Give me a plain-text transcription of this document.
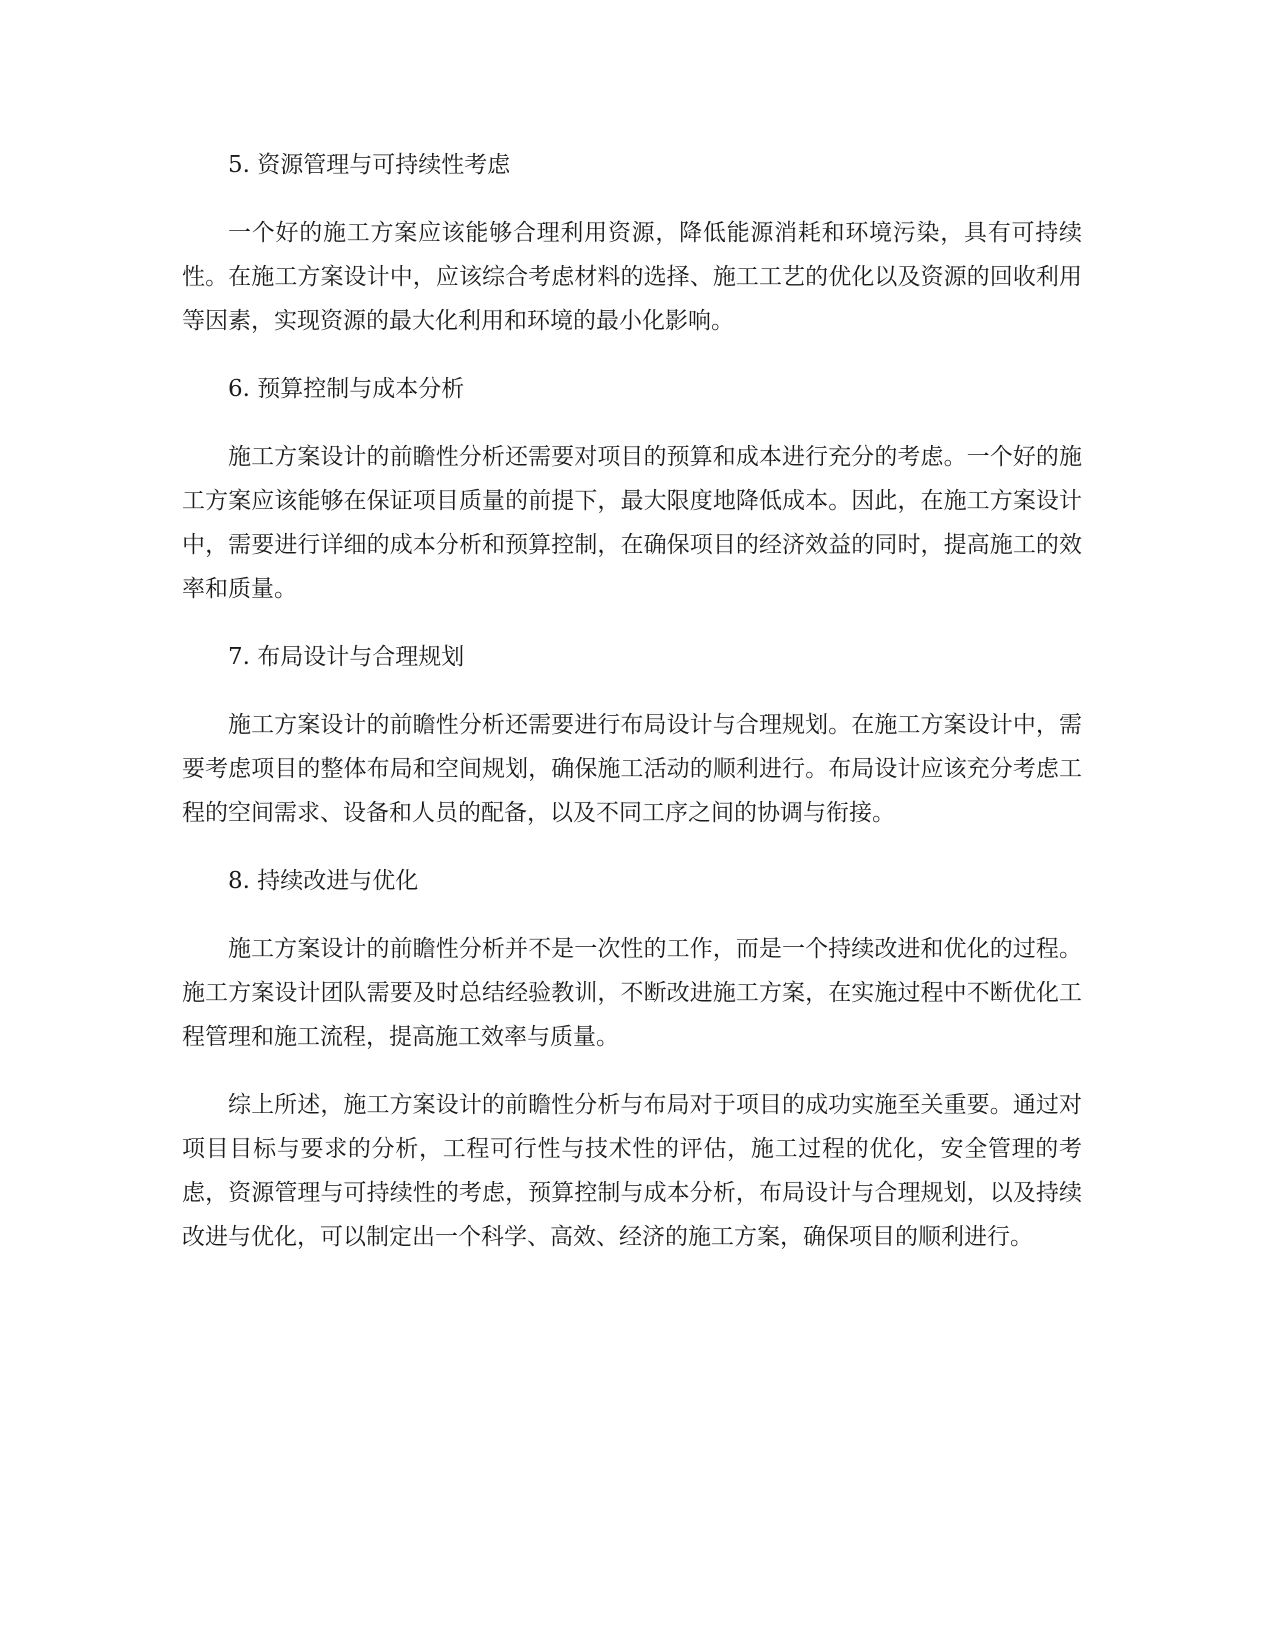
5. 资源管理与可持续性考虑

一个好的施工方案应该能够合理利用资源，降低能源消耗和环境污染，具有可持续性。在施工方案设计中，应该综合考虑材料的选择、施工工艺的优化以及资源的回收利用等因素，实现资源的最大化利用和环境的最小化影响。

6. 预算控制与成本分析

施工方案设计的前瞻性分析还需要对项目的预算和成本进行充分的考虑。一个好的施工方案应该能够在保证项目质量的前提下，最大限度地降低成本。因此，在施工方案设计中，需要进行详细的成本分析和预算控制，在确保项目的经济效益的同时，提高施工的效率和质量。

7. 布局设计与合理规划

施工方案设计的前瞻性分析还需要进行布局设计与合理规划。在施工方案设计中，需要考虑项目的整体布局和空间规划，确保施工活动的顺利进行。布局设计应该充分考虑工程的空间需求、设备和人员的配备，以及不同工序之间的协调与衔接。

8. 持续改进与优化

施工方案设计的前瞻性分析并不是一次性的工作，而是一个持续改进和优化的过程。施工方案设计团队需要及时总结经验教训，不断改进施工方案，在实施过程中不断优化工程管理和施工流程，提高施工效率与质量。

综上所述，施工方案设计的前瞻性分析与布局对于项目的成功实施至关重要。通过对项目目标与要求的分析，工程可行性与技术性的评估，施工过程的优化，安全管理的考虑，资源管理与可持续性的考虑，预算控制与成本分析，布局设计与合理规划，以及持续改进与优化，可以制定出一个科学、高效、经济的施工方案，确保项目的顺利进行。
